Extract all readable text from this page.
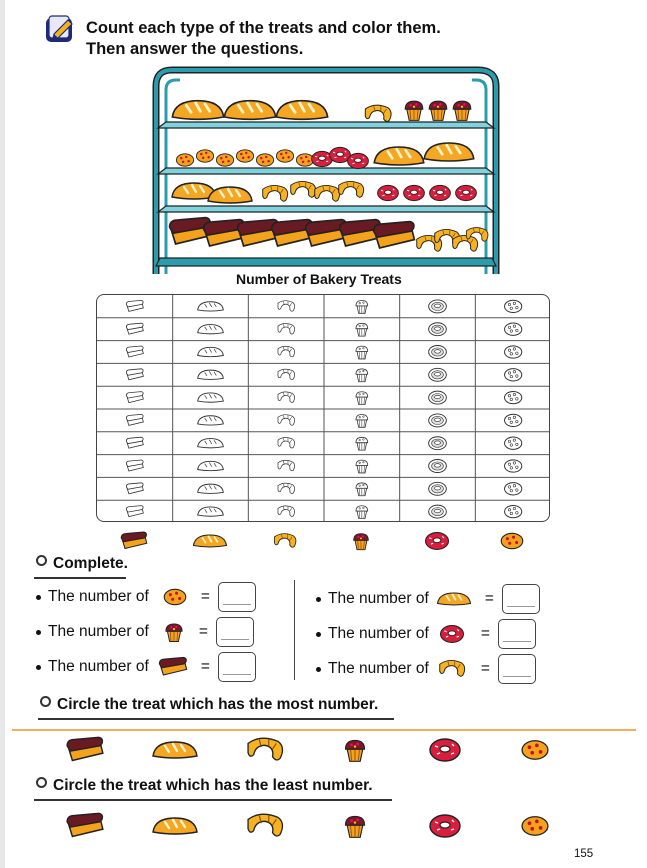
Count each type of the treats and color them.
Then answer the questions.
Number of Bakery Treats
Complete.
The number of	=
The number of	=
The number of	=
The number of	=
The number of	=
The number of	=
Circle the treat which has the most number.
Circle the treat which has the least number.
155
